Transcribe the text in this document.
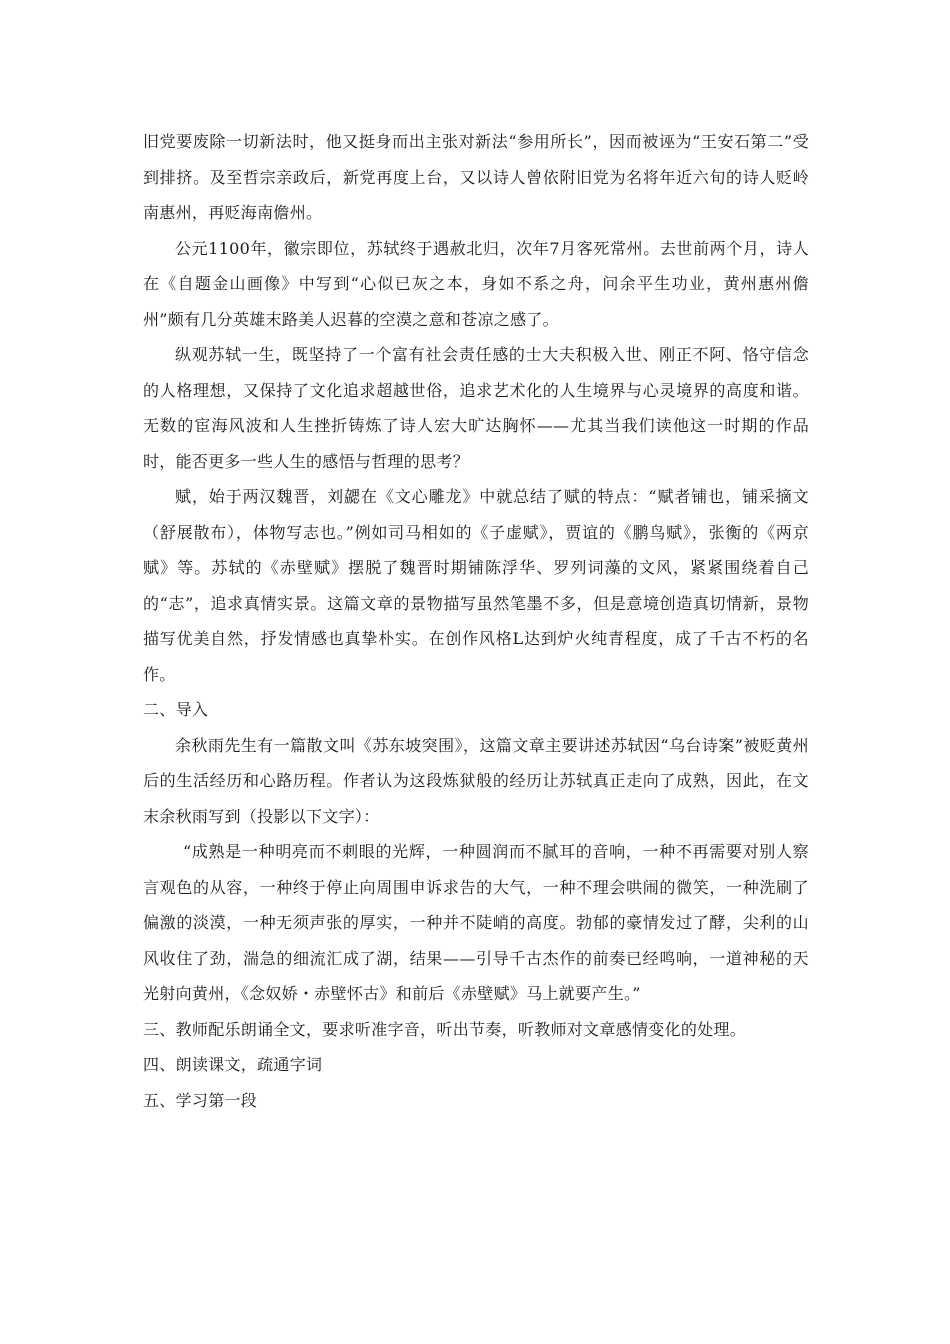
旧党要废除一切新法时，他又挺身而出主张对新法“参用所长”，因而被诬为“王安石第二”受到排挤。及至哲宗亲政后，新党再度上台，又以诗人曾依附旧党为名将年近六旬的诗人贬岭南惠州，再贬海南儋州。

公元1100年，徽宗即位，苏轼终于遇赦北归，次年7月客死常州。去世前两个月，诗人在《自题金山画像》中写到“心似已灰之本，身如不系之舟，问余平生功业，黄州惠州儋州”颇有几分英雄末路美人迟暮的空漠之意和苍凉之感了。

纵观苏轼一生，既坚持了一个富有社会责任感的士大夫积极入世、刚正不阿、恪守信念的人格理想，又保持了文化追求超越世俗，追求艺术化的人生境界与心灵境界的高度和谐。无数的宦海风波和人生挫折铸炼了诗人宏大旷达胸怀——尤其当我们读他这一时期的作品时，能否更多一些人生的感悟与哲理的思考？

赋，始于两汉魏晋，刘勰在《文心雕龙》中就总结了赋的特点：“赋者铺也，铺采摘文（舒展散布），体物写志也。”例如司马相如的《子虚赋》，贾谊的《鹏鸟赋》，张衡的《两京赋》等。苏轼的《赤壁赋》摆脱了魏晋时期铺陈浮华、罗列词藻的文风，紧紧围绕着自己的“志”，追求真情实景。这篇文章的景物描写虽然笔墨不多，但是意境创造真切情新，景物描写优美自然，抒发情感也真挚朴实。在创作风格L达到炉火纯青程度，成了千古不朽的名作。

二、导入

余秋雨先生有一篇散文叫《苏东坡突围》，这篇文章主要讲述苏轼因“乌台诗案”被贬黄州后的生活经历和心路历程。作者认为这段炼狱般的经历让苏轼真正走向了成熟，因此，在文末余秋雨写到（投影以下文字）：

“成熟是一种明亮而不刺眼的光辉，一种圆润而不腻耳的音响，一种不再需要对别人察言观色的从容，一种终于停止向周围申诉求告的大气，一种不理会哄闹的微笑，一种洗刷了偏激的淡漠，一种无须声张的厚实，一种并不陡峭的高度。勃郁的豪情发过了酵，尖利的山风收住了劲，湍急的细流汇成了湖，结果——引导千古杰作的前奏已经鸣响，一道神秘的天光射向黄州，《念奴娇・赤壁怀古》和前后《赤壁赋》马上就要产生。”

三、教师配乐朗诵全文，要求听准字音，听出节奏，听教师对文章感情变化的处理。

四、朗读课文，疏通字词

五、学习第一段
